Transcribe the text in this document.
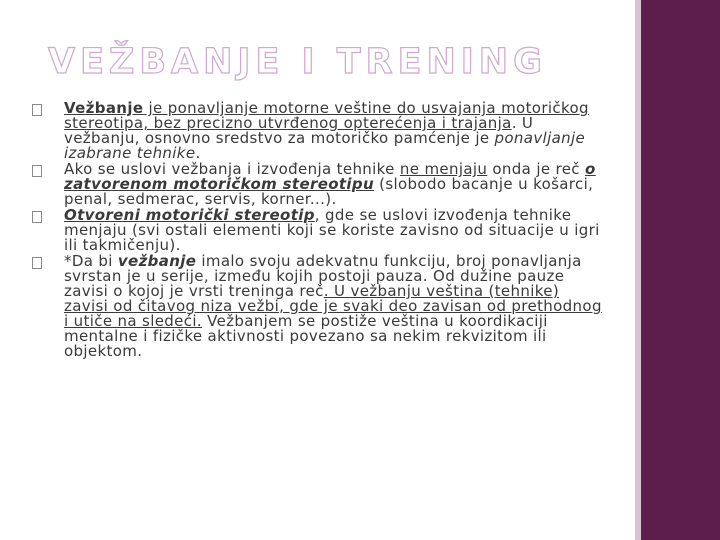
VEŽBANJE I TRENING
Vežbanje je ponavljanje motorne veštine do usvajanja motoričkog stereotipa, bez precizno utvrđenog opterećenja i trajanja. U vežbanju, osnovno sredstvo za motoričko pamćenje je ponavljanje izabrane tehnike.
Ako se uslovi vežbanja i izvođenja tehnike ne menjaju onda je reč o zatvorenom motoričkom stereotipu (slobodo bacanje u košarci, penal, sedmerac, servis, korner...).
Otvoreni motorički stereotip, gde se uslovi izvođenja tehnike menjaju (svi ostali elementi koji se koriste zavisno od situacije u igri ili takmičenju).
*Da bi vežbanje imalo svoju adekvatnu funkciju, broj ponavljanja svrstan je u serije, između kojih postoji pauza. Od dužine pauze zavisi o kojoj je vrsti treninga reč. U vežbanju veština (tehnike) zavisi od čitavog niza vežbi, gde je svaki deo zavisan od prethodnog i utiče na sledeći. Vežbanjem se postiže veština u koordikaciji mentalne i fizičke aktivnosti povezano sa nekim rekvizitom ili objektom.
